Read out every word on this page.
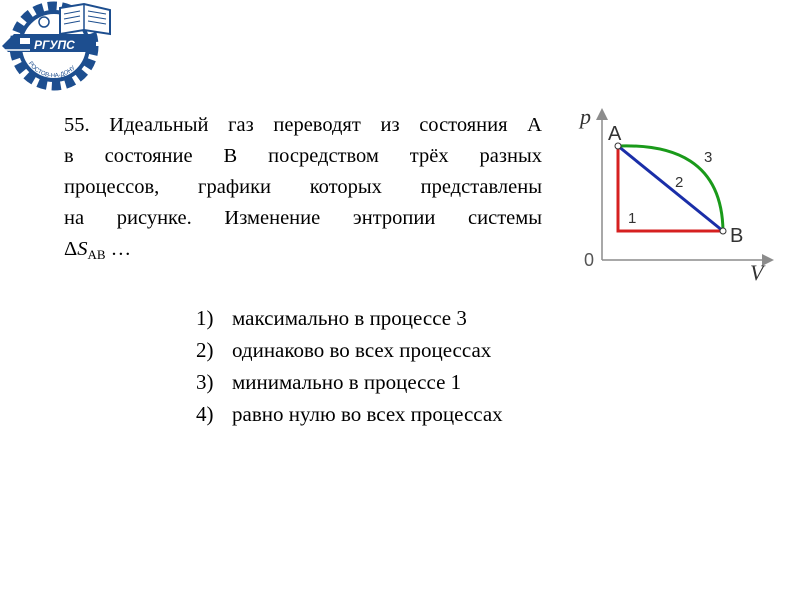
РГУПС
РОСТОВ-НА-ДОНУ
55. Идеальный газ переводят из состояния А
в состояние В посредством трёх разных
процессов, графики которых представлены
на рисунке. Изменение энтропии системы
ΔSAB …
p
V
0
A
B
1
2
3
1) максимально в процессе 3
2) одинаково во всех процессах
3) минимально в процессе 1
4) равно нулю во всех процессах
